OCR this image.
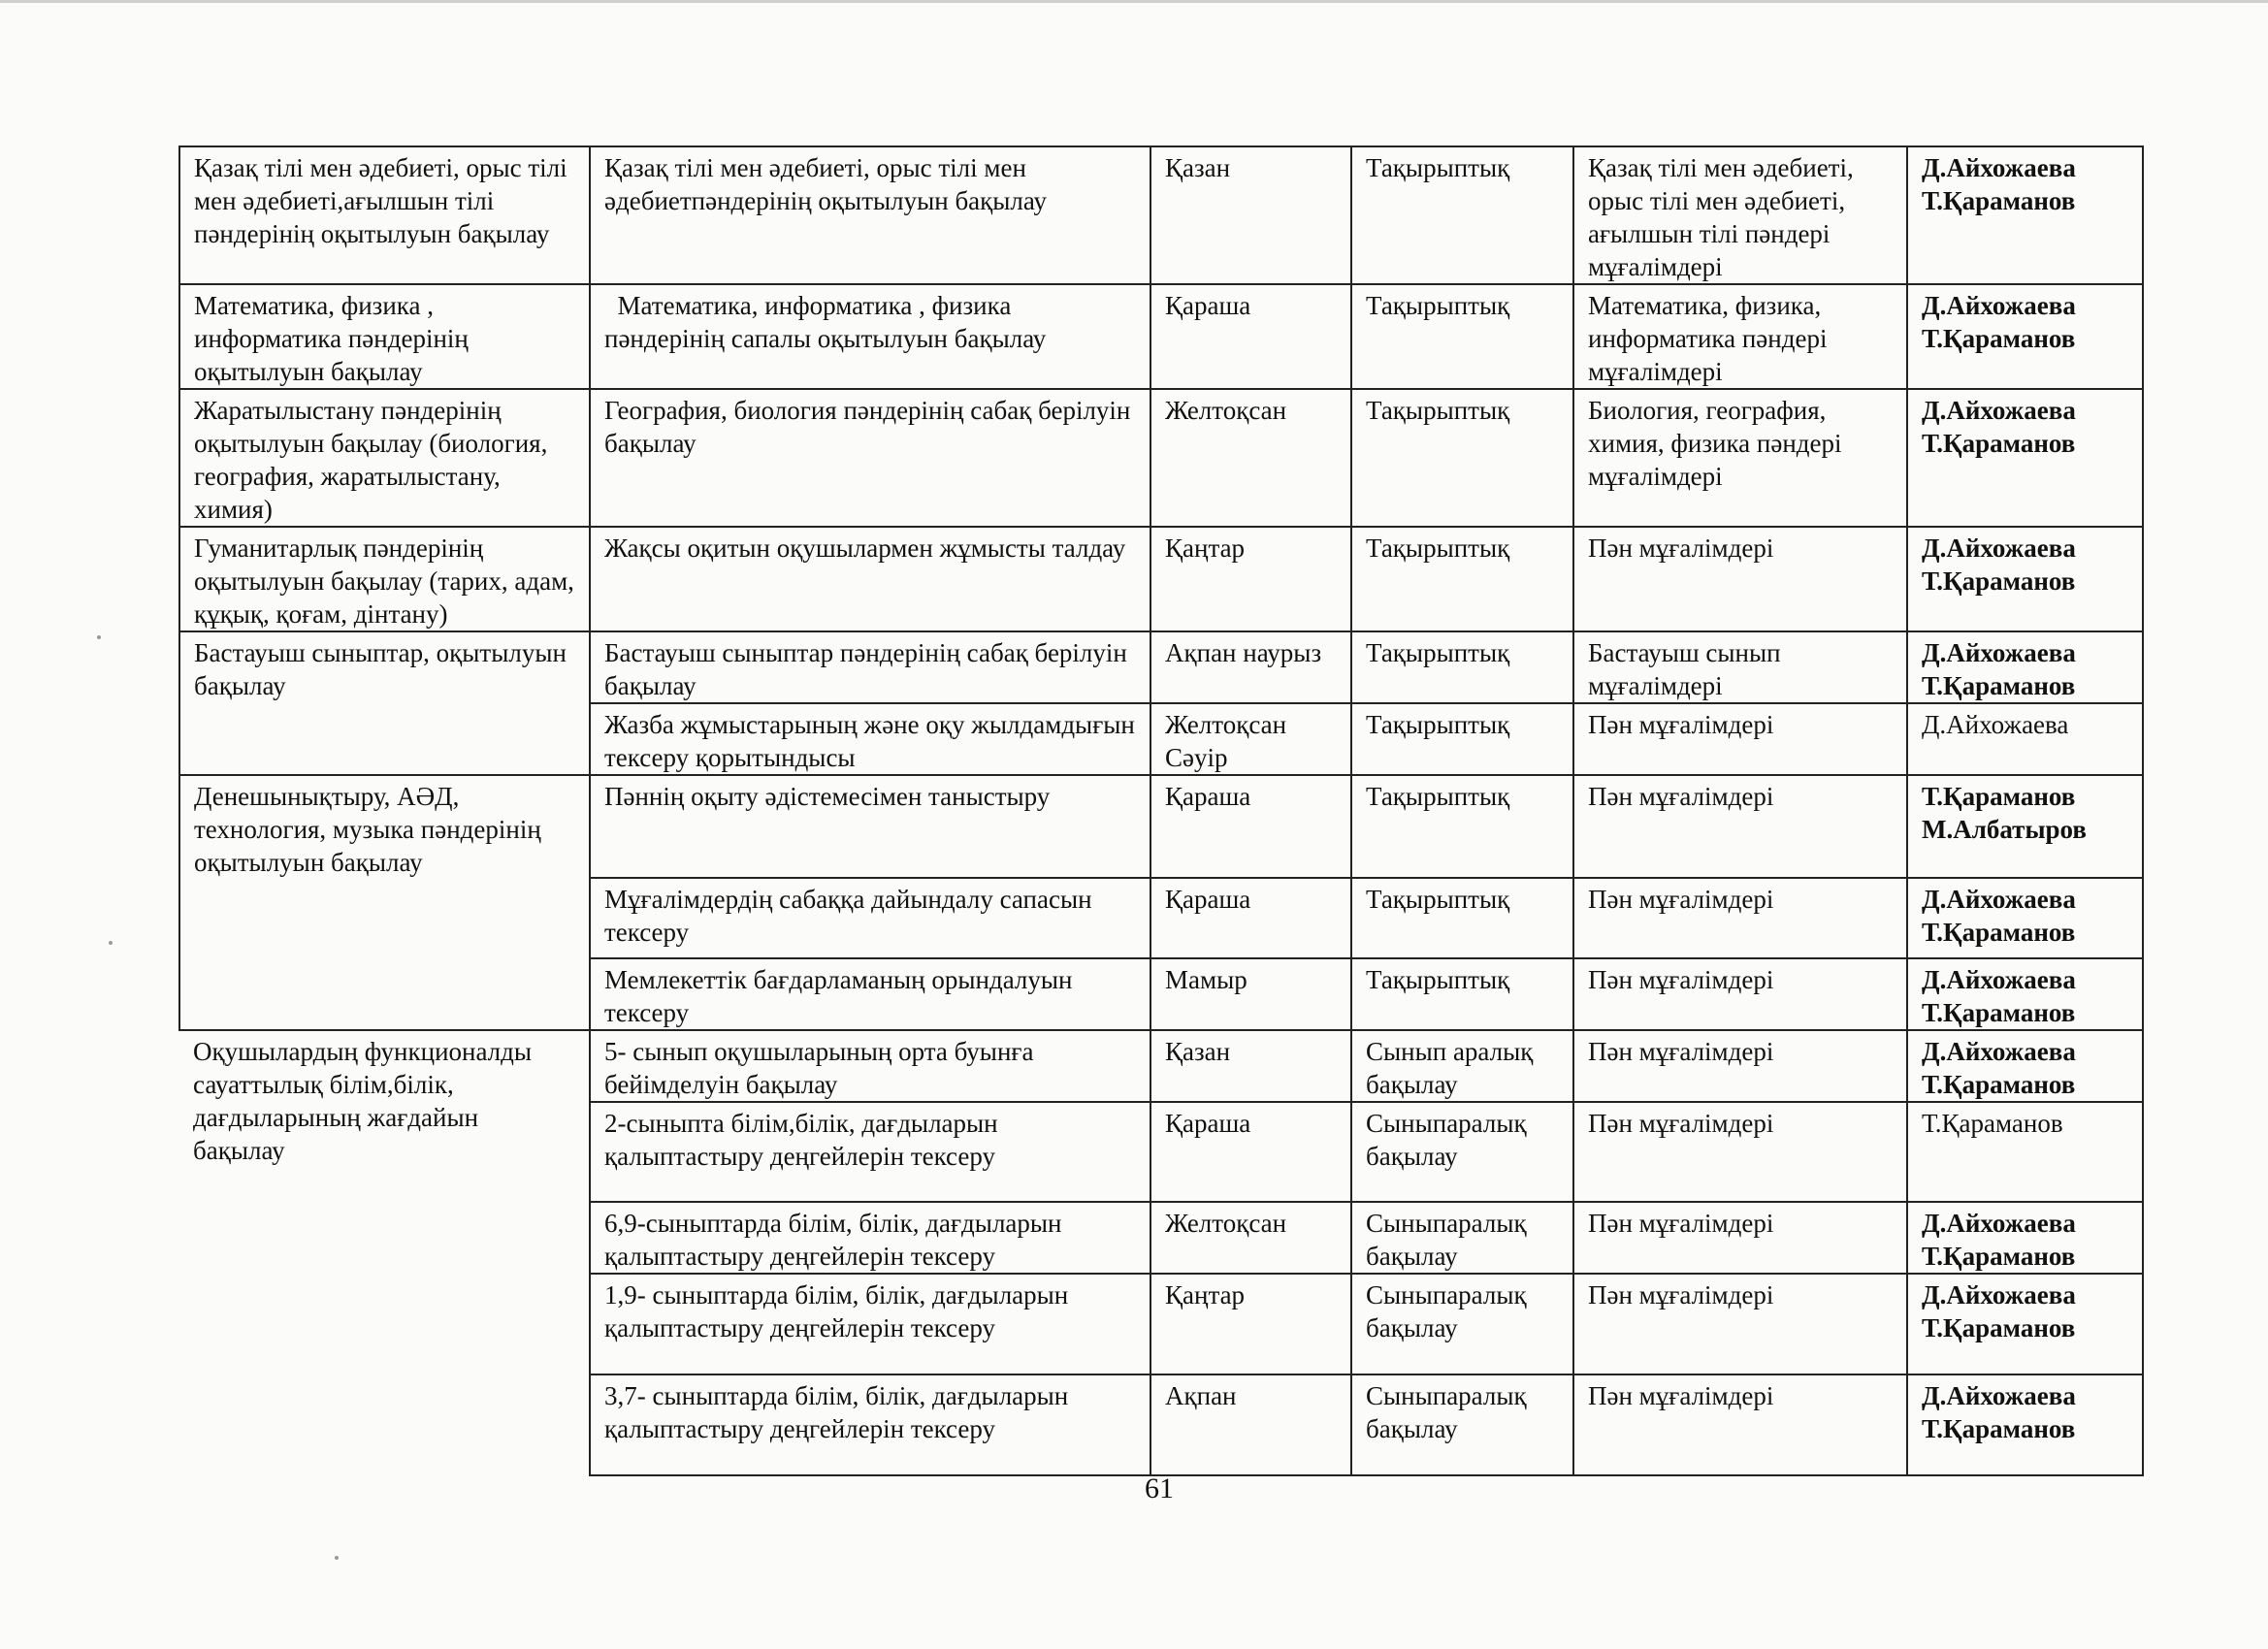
Қазақ тілі мен әдебиеті, орыс тілі мен әдебиеті,ағылшын тілі пәндерінің оқытылуын бақылау	Қазақ тілі мен әдебиеті, орыс тілі мен әдебиетпәндерінің оқытылуын бақылау	Қазан	Тақырыптық	Қазақ тілі мен әдебиеті, орыс тілі мен әдебиеті, ағылшын тілі пәндері мұғалімдері	Д.Айхожаева
Т.Қараманов

Математика, физика , информатика пәндерінің оқытылуын бақылау	Математика, информатика , физика пәндерінің сапалы оқытылуын бақылау	Қараша	Тақырыптық	Математика, физика, информатика пәндері мұғалімдері	Д.Айхожаева
Т.Қараманов

Жаратылыстану пәндерінің оқытылуын бақылау (биология, география, жаратылыстану, химия)	География, биология пәндерінің сабақ берілуін бақылау	Желтоқсан	Тақырыптық	Биология, география, химия, физика пәндері мұғалімдері	Д.Айхожаева
Т.Қараманов

Гуманитарлық пәндерінің оқытылуын бақылау (тарих, адам, құқық, қоғам, дінтану)	Жақсы оқитын оқушылармен жұмысты талдау	Қаңтар	Тақырыптық	Пән мұғалімдері	Д.Айхожаева
Т.Қараманов

Бастауыш сыныптар, оқытылуын бақылау	Бастауыш сыныптар пәндерінің сабақ берілуін бақылау	Ақпан наурыз	Тақырыптық	Бастауыш сынып мұғалімдері	Д.Айхожаева
Т.Қараманов

	Жазба жұмыстарының және оқу жылдамдығын тексеру қорытындысы	Желтоқсан Сәуір	Тақырыптық	Пән мұғалімдері	Д.Айхожаева

Денешынықтыру, АӘД, технология, музыка пәндерінің оқытылуын бақылау	Пәннің оқыту әдістемесімен таныстыру	Қараша	Тақырыптық	Пән мұғалімдері	Т.Қараманов
М.Албатыров

	Мұғалімдердің сабаққа дайындалу сапасын тексеру	Қараша	Тақырыптық	Пән мұғалімдері	Д.Айхожаева
Т.Қараманов

	Мемлекеттік бағдарламаның орындалуын тексеру	Мамыр	Тақырыптық	Пән мұғалімдері	Д.Айхожаева
Т.Қараманов

Оқушылардың функционалды сауаттылық білім,білік, дағдыларының жағдайын бақылау	5- сынып оқушыларының орта буынға бейімделуін бақылау	Қазан	Сынып аралық бақылау	Пән мұғалімдері	Д.Айхожаева
Т.Қараманов

	2-сыныпта білім,білік, дағдыларын қалыптастыру деңгейлерін тексеру	Қараша	Сыныпаралық бақылау	Пән мұғалімдері	Т.Қараманов

	6,9-сыныптарда білім, білік, дағдыларын қалыптастыру деңгейлерін тексеру	Желтоқсан	Сыныпаралық бақылау	Пән мұғалімдері	Д.Айхожаева
Т.Қараманов

	1,9- сыныптарда білім, білік, дағдыларын қалыптастыру деңгейлерін тексеру	Қаңтар	Сыныпаралық бақылау	Пән мұғалімдері	Д.Айхожаева
Т.Қараманов

	3,7- сыныптарда білім, білік, дағдыларын қалыптастыру деңгейлерін тексеру	Ақпан	Сыныпаралық бақылау	Пән мұғалімдері	Д.Айхожаева
Т.Қараманов
61
